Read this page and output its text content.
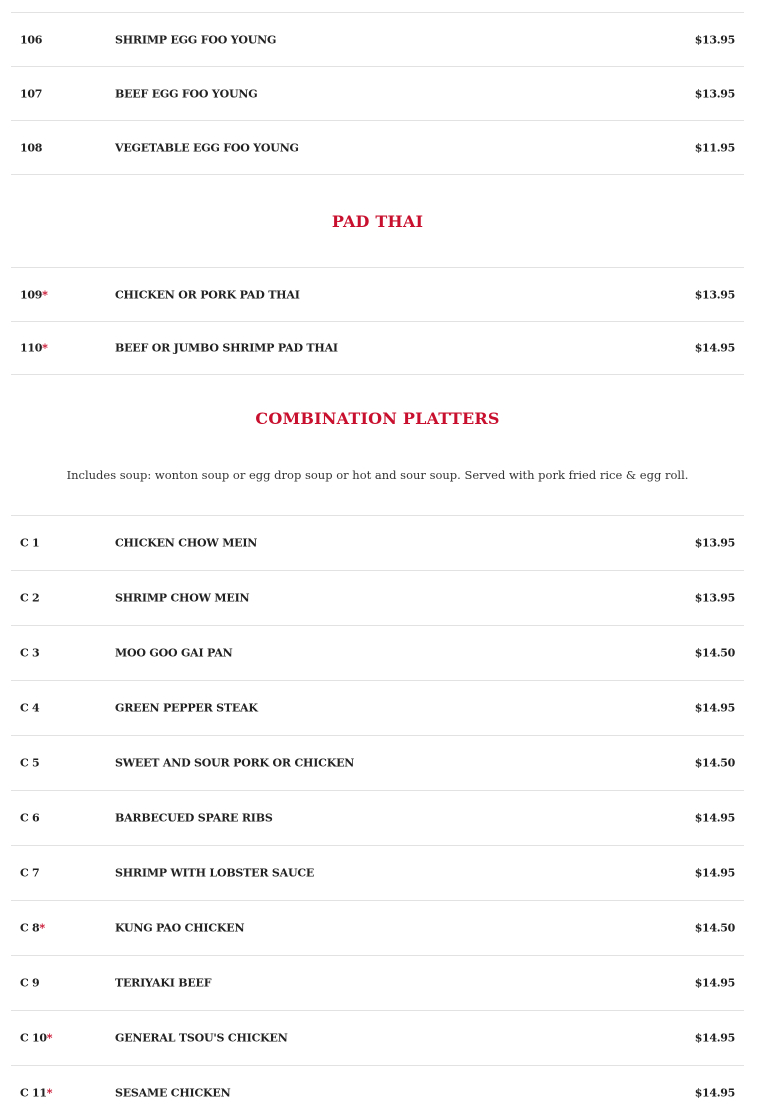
106	SHRIMP EGG FOO YOUNG	$13.95
107	BEEF EGG FOO YOUNG	$13.95
108	VEGETABLE EGG FOO YOUNG	$11.95
PAD THAI
109*	CHICKEN OR PORK PAD THAI	$13.95
110*	BEEF OR JUMBO SHRIMP PAD THAI	$14.95
COMBINATION PLATTERS

Includes soup: wonton soup or egg drop soup or hot and sour soup. Served with pork fried rice & egg roll.

C 1	CHICKEN CHOW MEIN	$13.95
C 2	SHRIMP CHOW MEIN	$13.95
C 3	MOO GOO GAI PAN	$14.50
C 4	GREEN PEPPER STEAK	$14.95
C 5	SWEET AND SOUR PORK OR CHICKEN	$14.50
C 6	BARBECUED SPARE RIBS	$14.95
C 7	SHRIMP WITH LOBSTER SAUCE	$14.95
C 8*	KUNG PAO CHICKEN	$14.50
C 9	TERIYAKI BEEF	$14.95
C 10*	GENERAL TSOU'S CHICKEN	$14.95
C 11*	SESAME CHICKEN	$14.95
